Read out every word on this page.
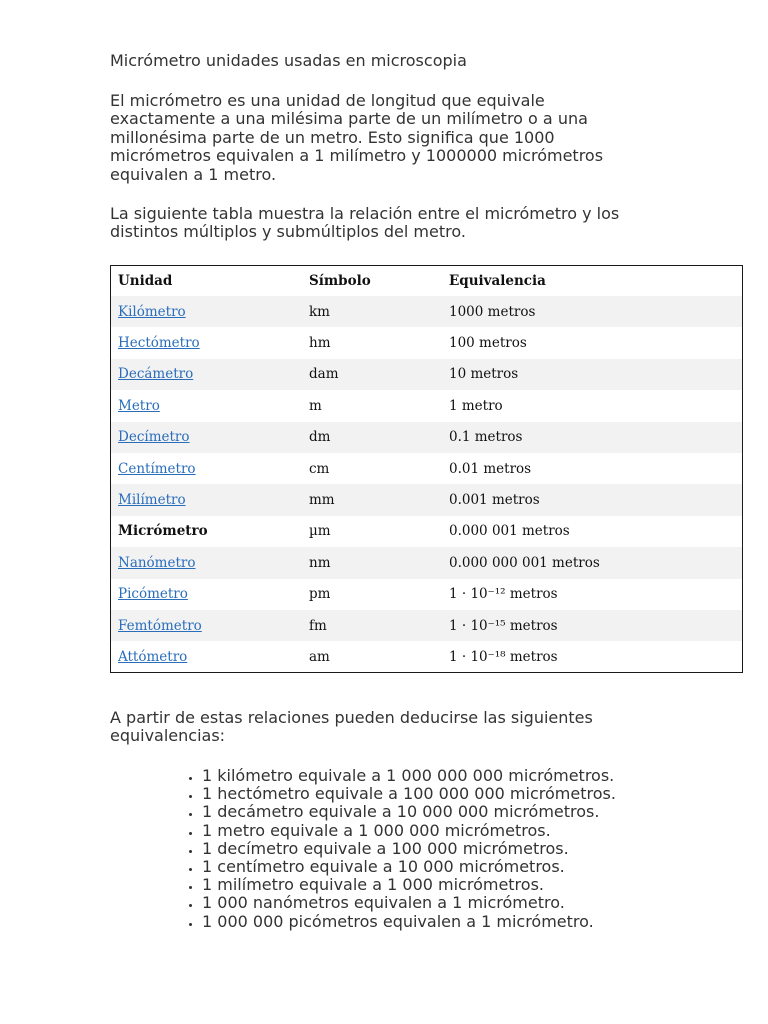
Micrómetro unidades usadas en microscopia

El micrómetro es una unidad de longitud que equivale exactamente a una milésima parte de un milímetro o a una millonésima parte de un metro. Esto significa que 1000 micrómetros equivalen a 1 milímetro y 1000000 micrómetros equivalen a 1 metro.

La siguiente tabla muestra la relación entre el micrómetro y los distintos múltiplos y submúltiplos del metro.

Unidad	Símbolo	Equivalencia
Kilómetro	km	1000 metros
Hectómetro	hm	100 metros
Decámetro	dam	10 metros
Metro	m	1 metro
Decímetro	dm	0.1 metros
Centímetro	cm	0.01 metros
Milímetro	mm	0.001 metros
Micrómetro	µm	0.000 001 metros
Nanómetro	nm	0.000 000 001 metros
Picómetro	pm	1 · 10⁻¹² metros
Femtómetro	fm	1 · 10⁻¹⁵ metros
Attómetro	am	1 · 10⁻¹⁸ metros

A partir de estas relaciones pueden deducirse las siguientes equivalencias:

• 1 kilómetro equivale a 1 000 000 000 micrómetros.
• 1 hectómetro equivale a 100 000 000 micrómetros.
• 1 decámetro equivale a 10 000 000 micrómetros.
• 1 metro equivale a 1 000 000 micrómetros.
• 1 decímetro equivale a 100 000 micrómetros.
• 1 centímetro equivale a 10 000 micrómetros.
• 1 milímetro equivale a 1 000 micrómetros.
• 1 000 nanómetros equivalen a 1 micrómetro.
• 1 000 000 picómetros equivalen a 1 micrómetro.
